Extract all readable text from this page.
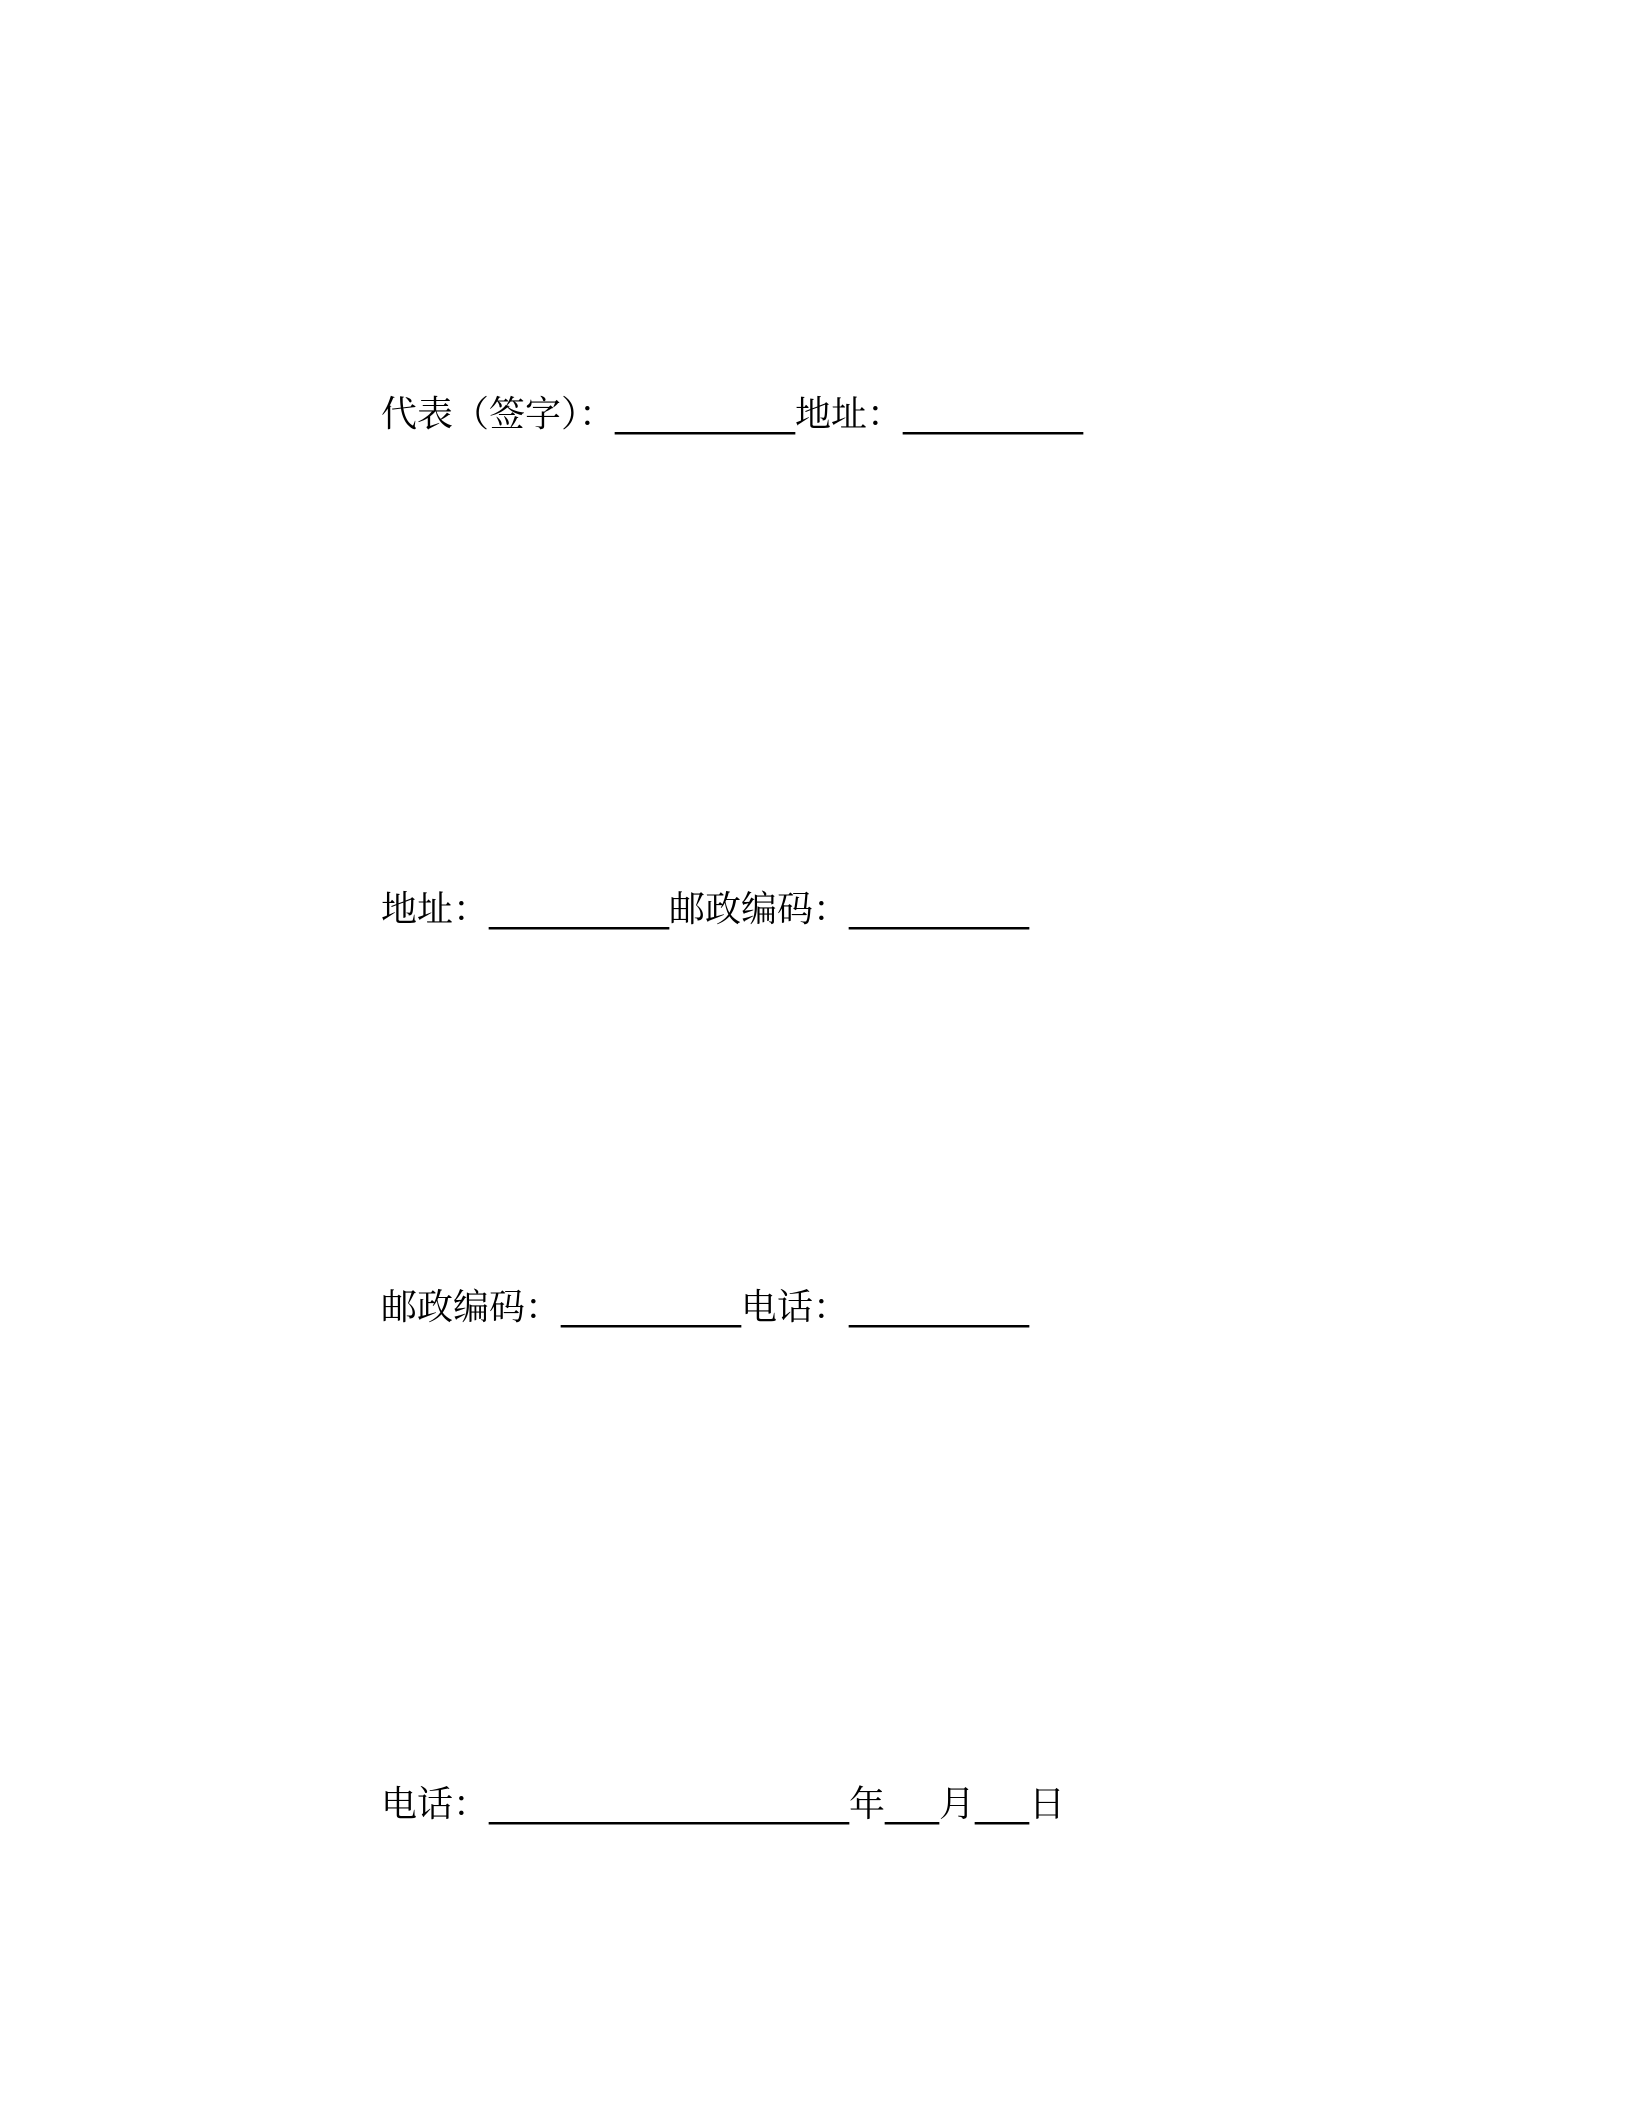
代表（签字）：__________地址：__________
地址：__________邮政编码：__________
邮政编码：__________电话：__________
电话：____________________年___月___日
